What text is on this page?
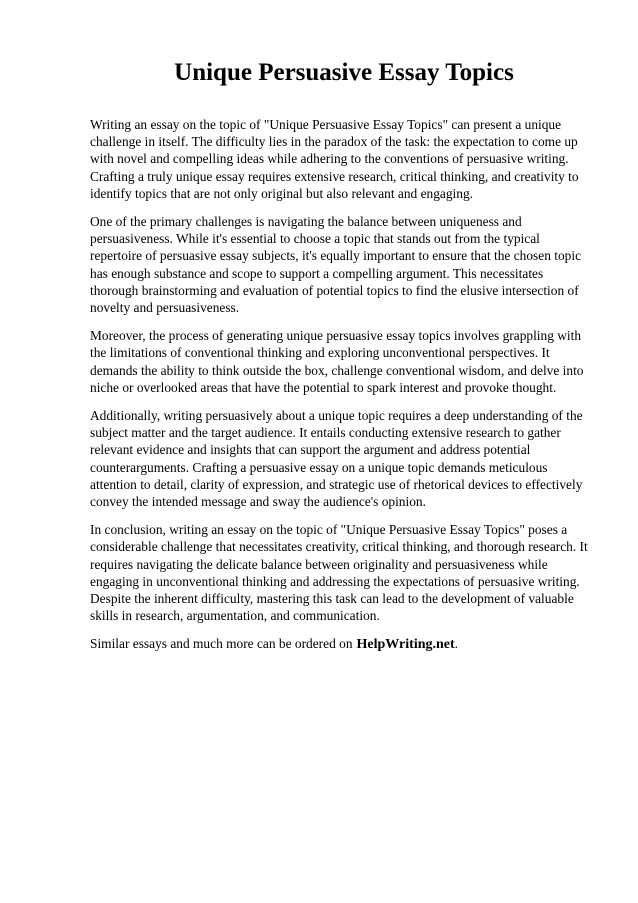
Unique Persuasive Essay Topics

Writing an essay on the topic of "Unique Persuasive Essay Topics" can present a unique challenge in itself. The difficulty lies in the paradox of the task: the expectation to come up with novel and compelling ideas while adhering to the conventions of persuasive writing. Crafting a truly unique essay requires extensive research, critical thinking, and creativity to identify topics that are not only original but also relevant and engaging.

One of the primary challenges is navigating the balance between uniqueness and persuasiveness. While it's essential to choose a topic that stands out from the typical repertoire of persuasive essay subjects, it's equally important to ensure that the chosen topic has enough substance and scope to support a compelling argument. This necessitates thorough brainstorming and evaluation of potential topics to find the elusive intersection of novelty and persuasiveness.

Moreover, the process of generating unique persuasive essay topics involves grappling with the limitations of conventional thinking and exploring unconventional perspectives. It demands the ability to think outside the box, challenge conventional wisdom, and delve into niche or overlooked areas that have the potential to spark interest and provoke thought.

Additionally, writing persuasively about a unique topic requires a deep understanding of the subject matter and the target audience. It entails conducting extensive research to gather relevant evidence and insights that can support the argument and address potential counterarguments. Crafting a persuasive essay on a unique topic demands meticulous attention to detail, clarity of expression, and strategic use of rhetorical devices to effectively convey the intended message and sway the audience's opinion.

In conclusion, writing an essay on the topic of "Unique Persuasive Essay Topics" poses a considerable challenge that necessitates creativity, critical thinking, and thorough research. It requires navigating the delicate balance between originality and persuasiveness while engaging in unconventional thinking and addressing the expectations of persuasive writing. Despite the inherent difficulty, mastering this task can lead to the development of valuable skills in research, argumentation, and communication.

Similar essays and much more can be ordered on HelpWriting.net.
